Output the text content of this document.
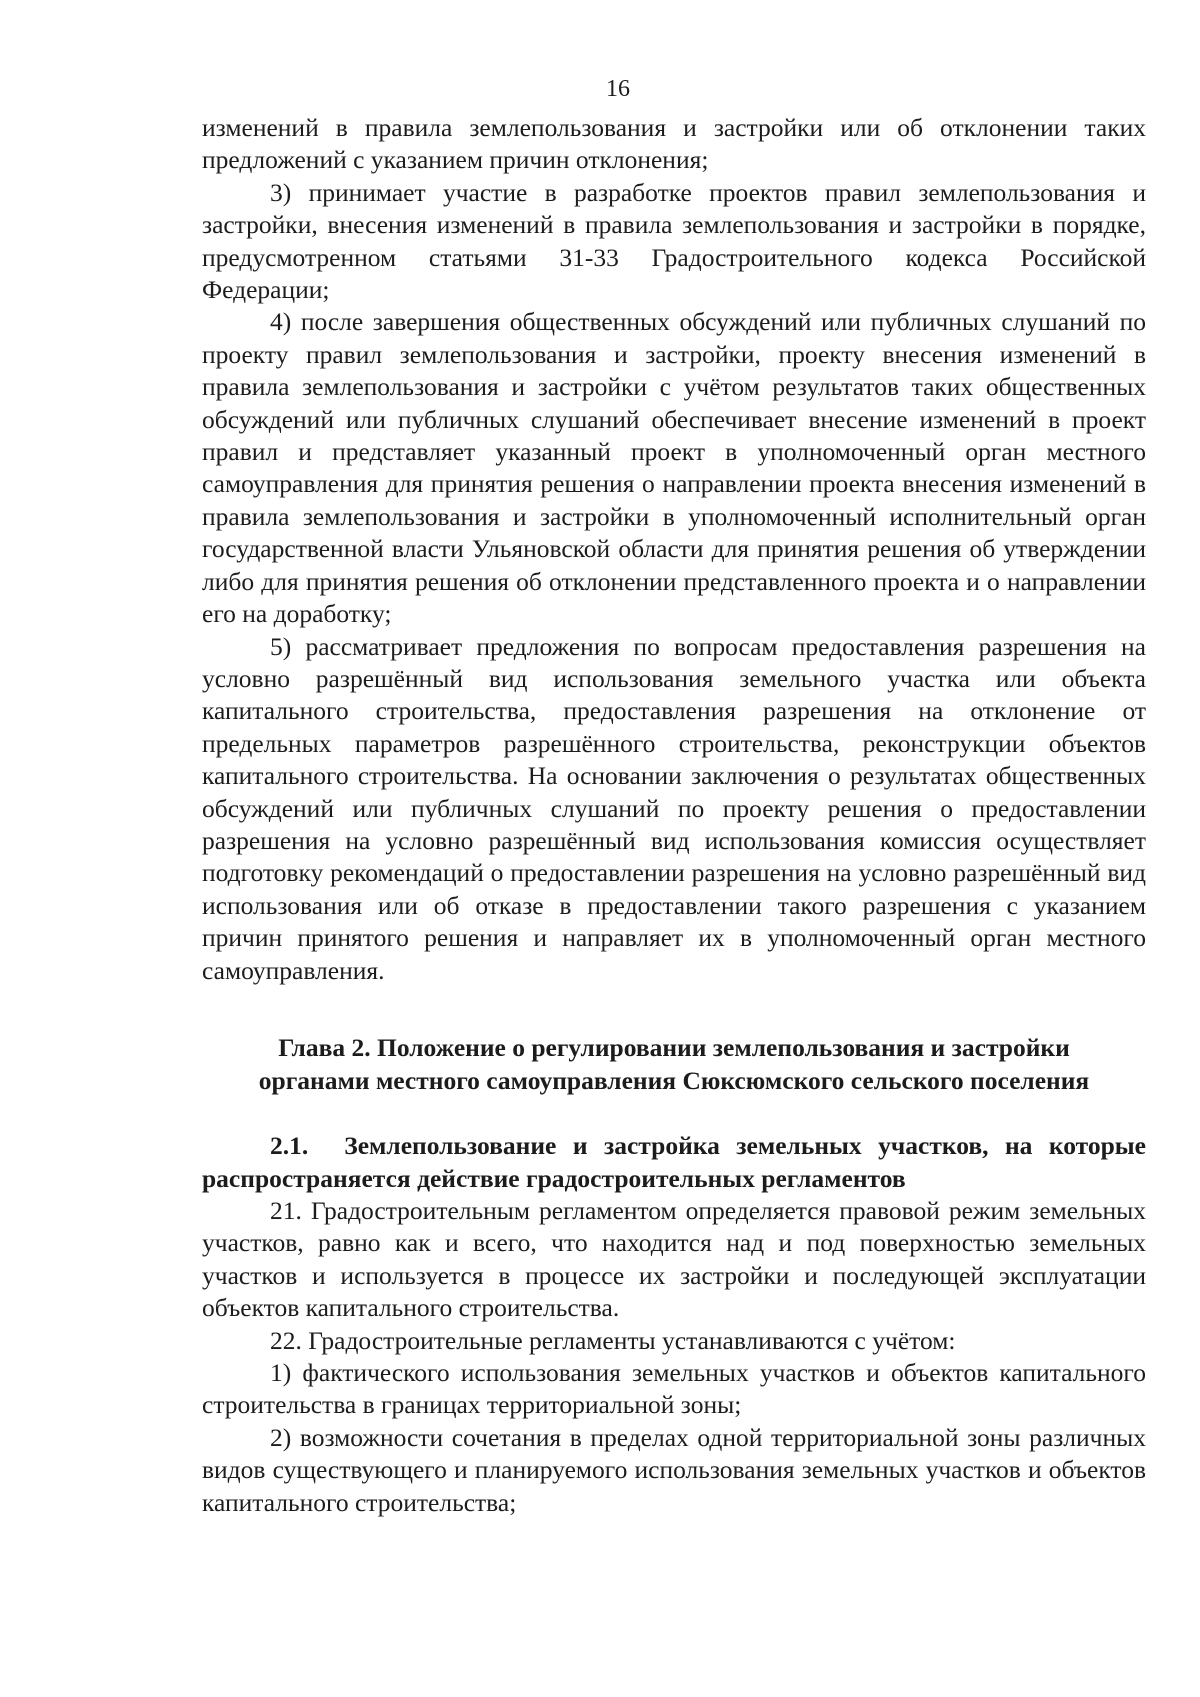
16

изменений в правила землепользования и застройки или об отклонении таких предложений с указанием причин отклонения;

3) принимает участие в разработке проектов правил землепользования и застройки, внесения изменений в правила землепользования и застройки в порядке, предусмотренном статьями 31-33 Градостроительного кодекса Российской Федерации;

4) после завершения общественных обсуждений или публичных слушаний по проекту правил землепользования и застройки, проекту внесения изменений в правила землепользования и застройки с учётом результатов таких общественных обсуждений или публичных слушаний обеспечивает внесение изменений в проект правил и представляет указанный проект в уполномоченный орган местного самоуправления для принятия решения о направлении проекта внесения изменений в правила землепользования и застройки в уполномоченный исполнительный орган государственной власти Ульяновской области для принятия решения об утверждении либо для принятия решения об отклонении представленного проекта и о направлении его на доработку;

5) рассматривает предложения по вопросам предоставления разрешения на условно разрешённый вид использования земельного участка или объекта капитального строительства, предоставления разрешения на отклонение от предельных параметров разрешённого строительства, реконструкции объектов капитального строительства. На основании заключения о результатах общественных обсуждений или публичных слушаний по проекту решения о предоставлении разрешения на условно разрешённый вид использования комиссия осуществляет подготовку рекомендаций о предоставлении разрешения на условно разрешённый вид использования или об отказе в предоставлении такого разрешения с указанием причин принятого решения и направляет их в уполномоченный орган местного самоуправления.

Глава 2. Положение о регулировании землепользования и застройки
органами местного самоуправления Сюксюмского сельского поселения
2.1. Землепользование и застройка земельных участков, на которые распространяется действие градостроительных регламентов

21. Градостроительным регламентом определяется правовой режим земельных участков, равно как и всего, что находится над и под поверхностью земельных участков и используется в процессе их застройки и последующей эксплуатации объектов капитального строительства.

22. Градостроительные регламенты устанавливаются с учётом:

1) фактического использования земельных участков и объектов капитального строительства в границах территориальной зоны;

2) возможности сочетания в пределах одной территориальной зоны различных видов существующего и планируемого использования земельных участков и объектов капитального строительства;
